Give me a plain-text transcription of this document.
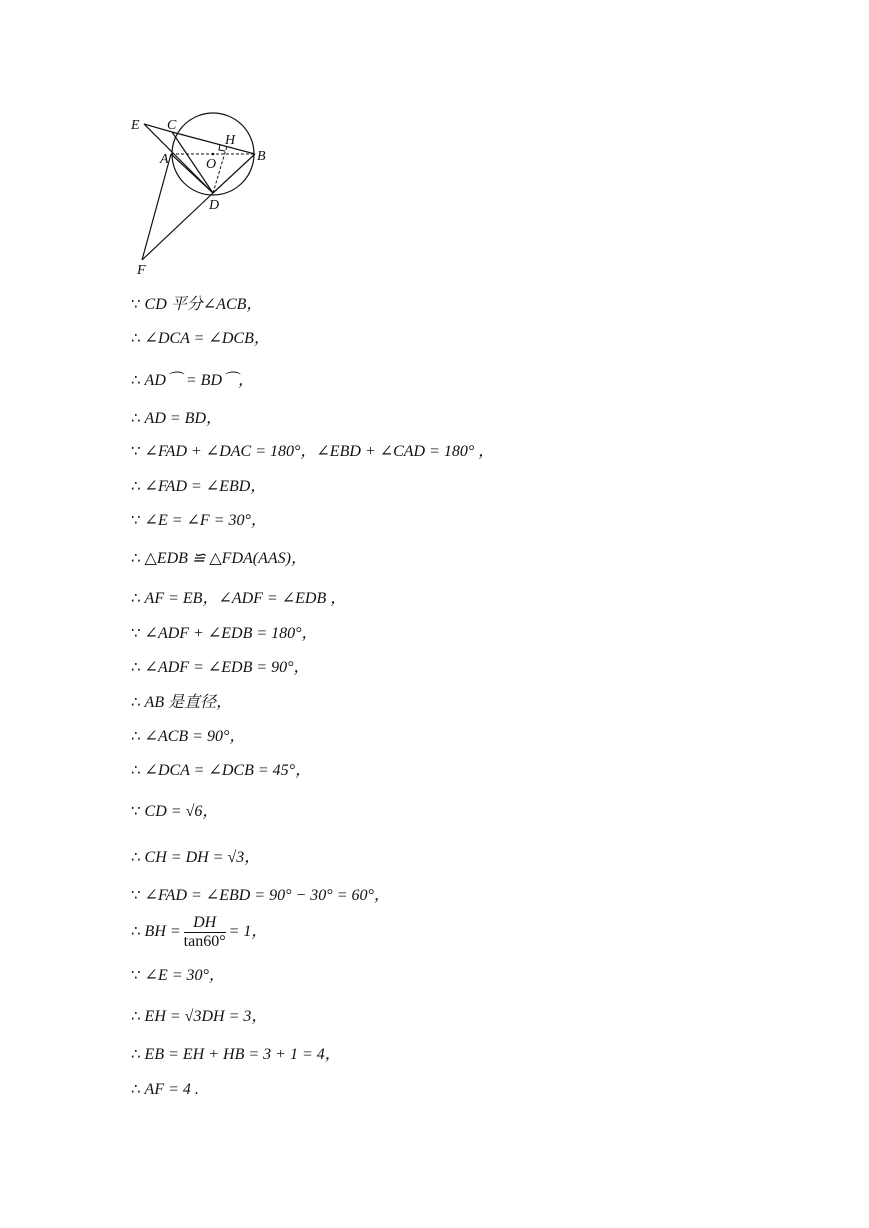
E C
H
A	O
B
D
F
∵ CD 平分∠ACB，
∴ ∠DCA = ∠DCB，
∴ AD⌒ = BD⌒，
∴ AD = BD，
∵ ∠FAD + ∠DAC = 180°，∠EBD + ∠CAD = 180° ，
∴ ∠FAD = ∠EBD，
∵ ∠E = ∠F = 30°，
∴ △EDB ≌ △FDA(AAS)，
∴ AF = EB，∠ADF = ∠EDB ，
∵ ∠ADF + ∠EDB = 180°，
∴ ∠ADF = ∠EDB = 90°，
∴ AB 是直径，
∴ ∠ACB = 90°，
∴ ∠DCA = ∠DCB = 45°，
∵ CD = √6，
∴ CH = DH = √3，
∵ ∠FAD = ∠EBD = 90° − 30° = 60°，
∴ BH = $\frac{DH}{\tan 60^\circ} = 1$，
∵ ∠E = 30°，
∴ EH = √3DH = 3，
∴ EB = EH + HB = 3 + 1 = 4，
∴ AF = 4 .
